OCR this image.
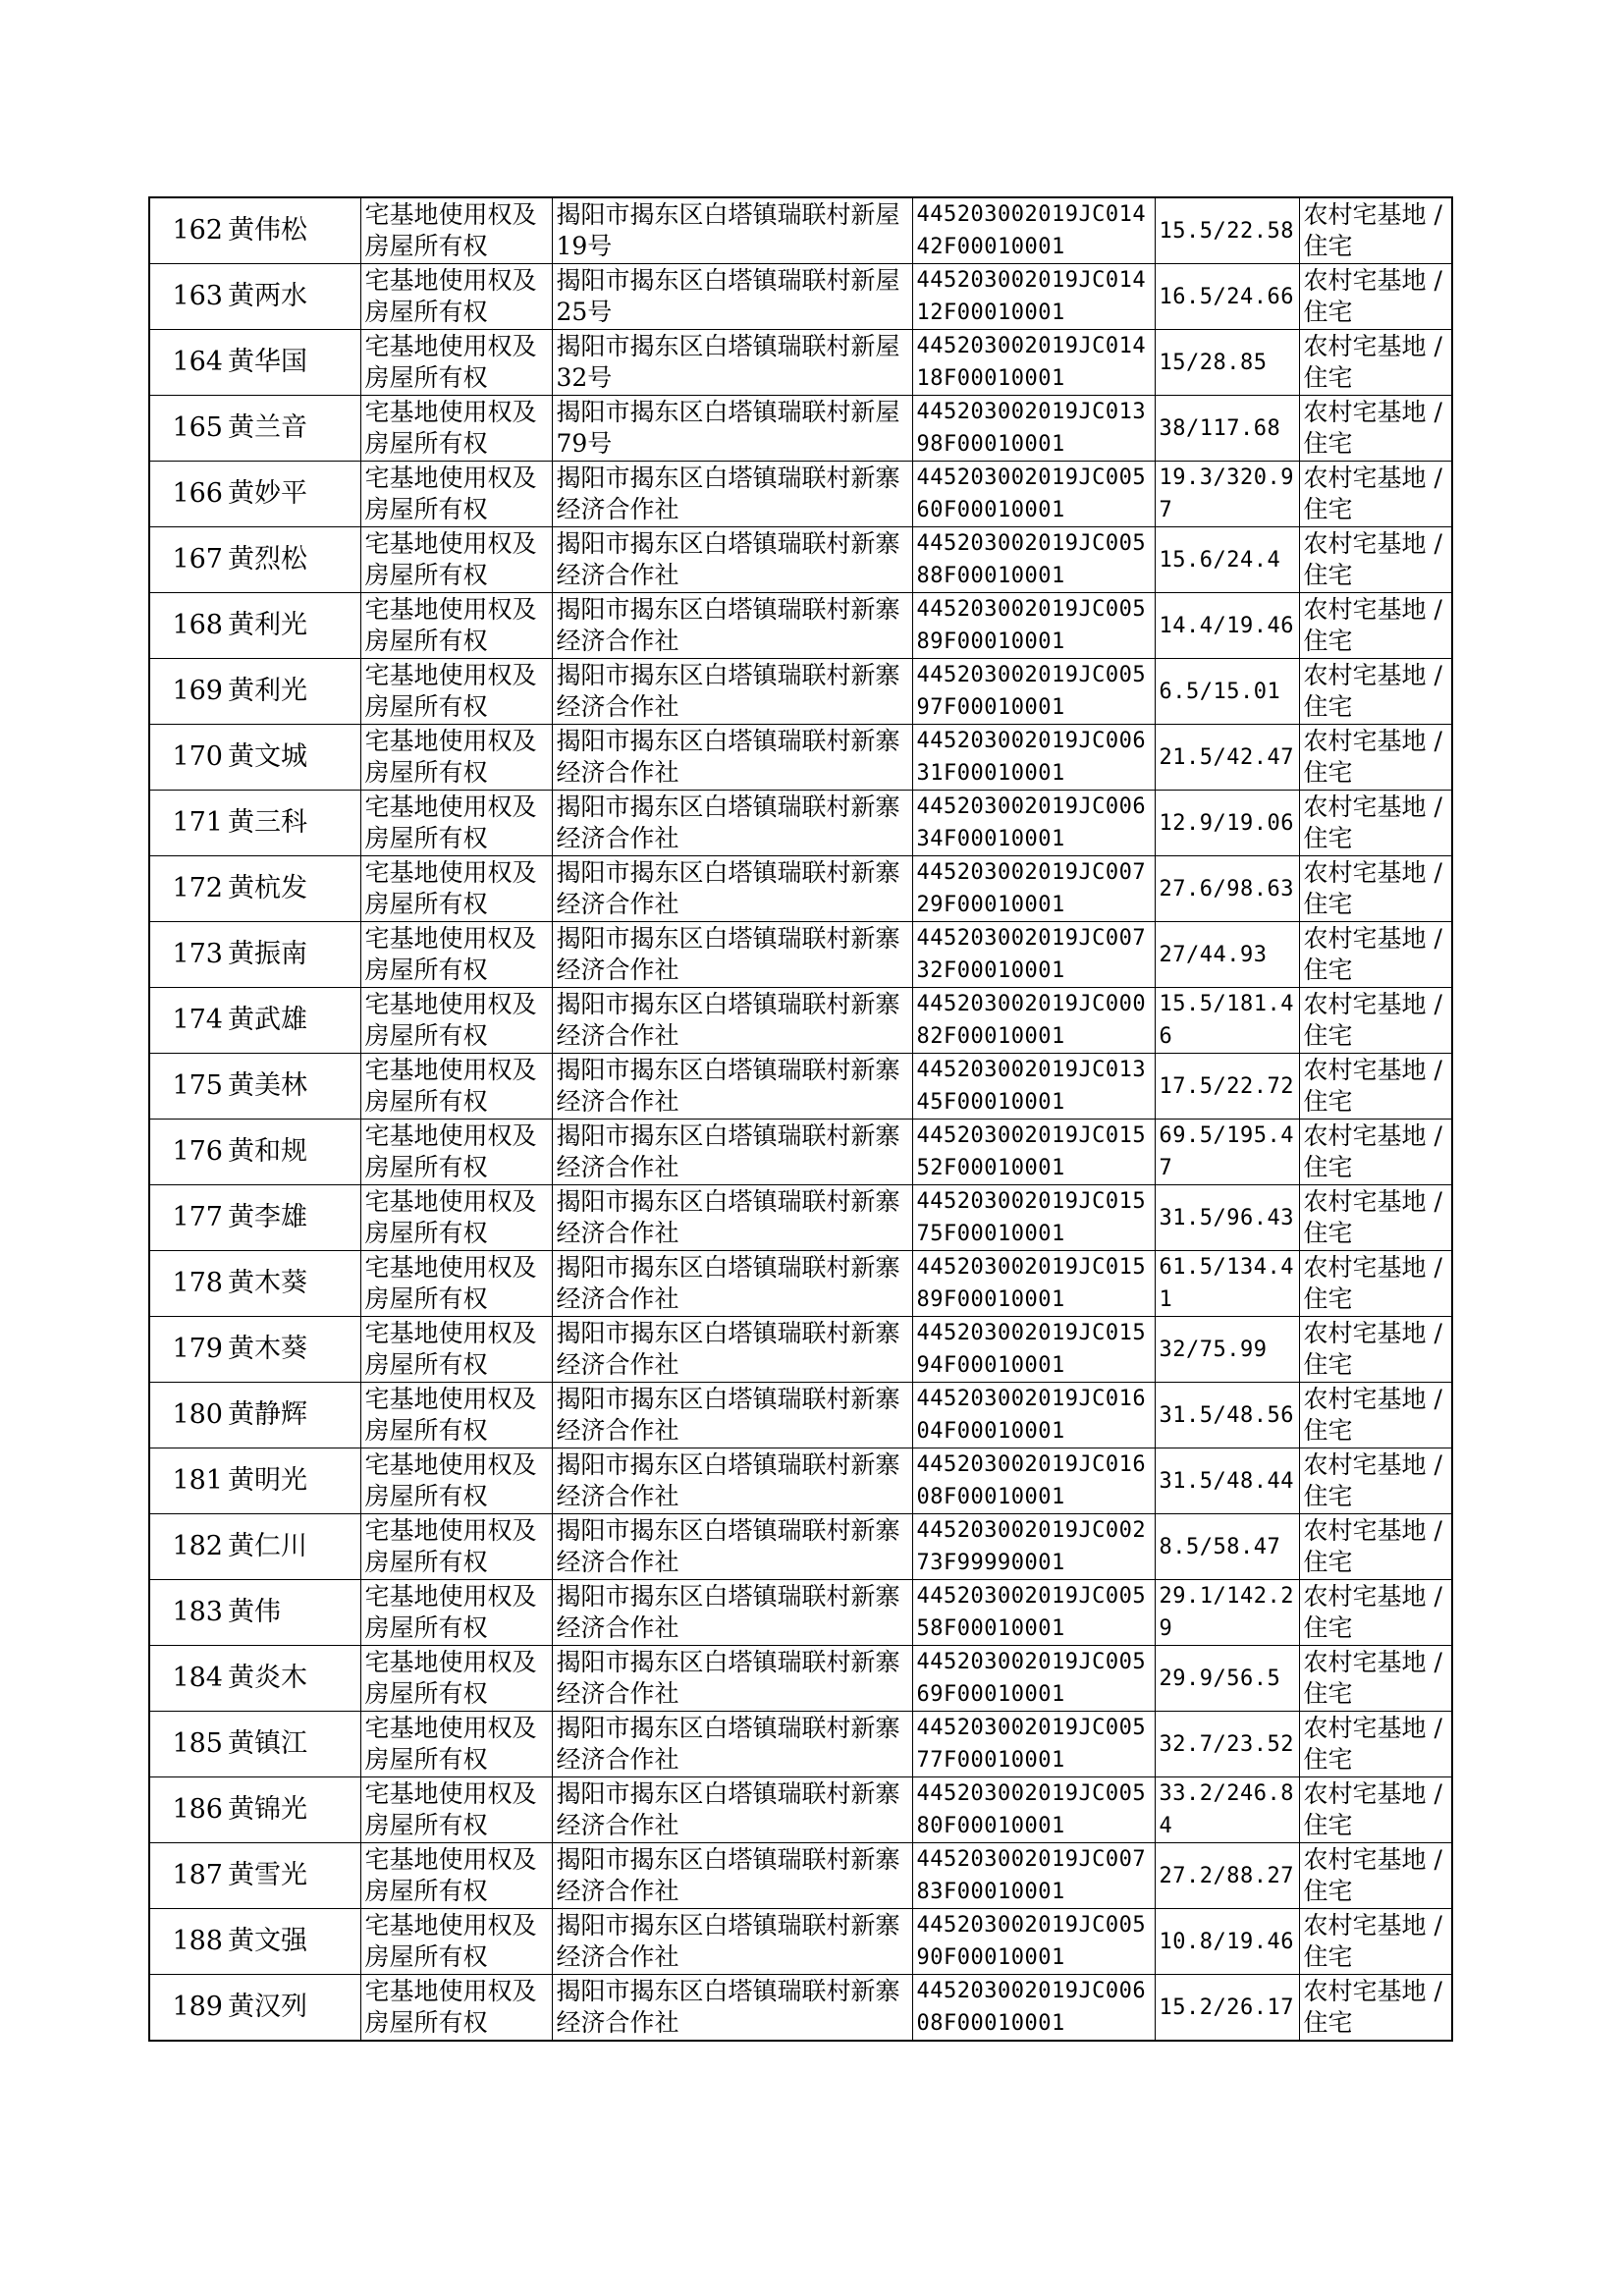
162	黄伟松	宅基地使用权及房屋所有权	揭阳市揭东区白塔镇瑞联村新屋19号	445203002019JC01442F00010001	15.5/22.58	农村宅基地 / 住宅
163	黄两水	宅基地使用权及房屋所有权	揭阳市揭东区白塔镇瑞联村新屋25号	445203002019JC01412F00010001	16.5/24.66	农村宅基地 / 住宅
164	黄华国	宅基地使用权及房屋所有权	揭阳市揭东区白塔镇瑞联村新屋32号	445203002019JC01418F00010001	15/28.85	农村宅基地 / 住宅
165	黄兰音	宅基地使用权及房屋所有权	揭阳市揭东区白塔镇瑞联村新屋79号	445203002019JC01398F00010001	38/117.68	农村宅基地 / 住宅
166	黄妙平	宅基地使用权及房屋所有权	揭阳市揭东区白塔镇瑞联村新寨经济合作社	445203002019JC00560F00010001	19.3/320.97	农村宅基地 / 住宅
167	黄烈松	宅基地使用权及房屋所有权	揭阳市揭东区白塔镇瑞联村新寨经济合作社	445203002019JC00588F00010001	15.6/24.4	农村宅基地 / 住宅
168	黄利光	宅基地使用权及房屋所有权	揭阳市揭东区白塔镇瑞联村新寨经济合作社	445203002019JC00589F00010001	14.4/19.46	农村宅基地 / 住宅
169	黄利光	宅基地使用权及房屋所有权	揭阳市揭东区白塔镇瑞联村新寨经济合作社	445203002019JC00597F00010001	6.5/15.01	农村宅基地 / 住宅
170	黄文城	宅基地使用权及房屋所有权	揭阳市揭东区白塔镇瑞联村新寨经济合作社	445203002019JC00631F00010001	21.5/42.47	农村宅基地 / 住宅
171	黄三科	宅基地使用权及房屋所有权	揭阳市揭东区白塔镇瑞联村新寨经济合作社	445203002019JC00634F00010001	12.9/19.06	农村宅基地 / 住宅
172	黄杭发	宅基地使用权及房屋所有权	揭阳市揭东区白塔镇瑞联村新寨经济合作社	445203002019JC00729F00010001	27.6/98.63	农村宅基地 / 住宅
173	黄振南	宅基地使用权及房屋所有权	揭阳市揭东区白塔镇瑞联村新寨经济合作社	445203002019JC00732F00010001	27/44.93	农村宅基地 / 住宅
174	黄武雄	宅基地使用权及房屋所有权	揭阳市揭东区白塔镇瑞联村新寨经济合作社	445203002019JC00082F00010001	15.5/181.46	农村宅基地 / 住宅
175	黄美林	宅基地使用权及房屋所有权	揭阳市揭东区白塔镇瑞联村新寨经济合作社	445203002019JC01345F00010001	17.5/22.72	农村宅基地 / 住宅
176	黄和规	宅基地使用权及房屋所有权	揭阳市揭东区白塔镇瑞联村新寨经济合作社	445203002019JC01552F00010001	69.5/195.47	农村宅基地 / 住宅
177	黄李雄	宅基地使用权及房屋所有权	揭阳市揭东区白塔镇瑞联村新寨经济合作社	445203002019JC01575F00010001	31.5/96.43	农村宅基地 / 住宅
178	黄木葵	宅基地使用权及房屋所有权	揭阳市揭东区白塔镇瑞联村新寨经济合作社	445203002019JC01589F00010001	61.5/134.41	农村宅基地 / 住宅
179	黄木葵	宅基地使用权及房屋所有权	揭阳市揭东区白塔镇瑞联村新寨经济合作社	445203002019JC01594F00010001	32/75.99	农村宅基地 / 住宅
180	黄静辉	宅基地使用权及房屋所有权	揭阳市揭东区白塔镇瑞联村新寨经济合作社	445203002019JC01604F00010001	31.5/48.56	农村宅基地 / 住宅
181	黄明光	宅基地使用权及房屋所有权	揭阳市揭东区白塔镇瑞联村新寨经济合作社	445203002019JC01608F00010001	31.5/48.44	农村宅基地 / 住宅
182	黄仁川	宅基地使用权及房屋所有权	揭阳市揭东区白塔镇瑞联村新寨经济合作社	445203002019JC00273F99990001	8.5/58.47	农村宅基地 / 住宅
183	黄伟	宅基地使用权及房屋所有权	揭阳市揭东区白塔镇瑞联村新寨经济合作社	445203002019JC00558F00010001	29.1/142.29	农村宅基地 / 住宅
184	黄炎木	宅基地使用权及房屋所有权	揭阳市揭东区白塔镇瑞联村新寨经济合作社	445203002019JC00569F00010001	29.9/56.5	农村宅基地 / 住宅
185	黄镇江	宅基地使用权及房屋所有权	揭阳市揭东区白塔镇瑞联村新寨经济合作社	445203002019JC00577F00010001	32.7/23.52	农村宅基地 / 住宅
186	黄锦光	宅基地使用权及房屋所有权	揭阳市揭东区白塔镇瑞联村新寨经济合作社	445203002019JC00580F00010001	33.2/246.84	农村宅基地 / 住宅
187	黄雪光	宅基地使用权及房屋所有权	揭阳市揭东区白塔镇瑞联村新寨经济合作社	445203002019JC00783F00010001	27.2/88.27	农村宅基地 / 住宅
188	黄文强	宅基地使用权及房屋所有权	揭阳市揭东区白塔镇瑞联村新寨经济合作社	445203002019JC00590F00010001	10.8/19.46	农村宅基地 / 住宅
189	黄汉列	宅基地使用权及房屋所有权	揭阳市揭东区白塔镇瑞联村新寨经济合作社	445203002019JC00608F00010001	15.2/26.17	农村宅基地 / 住宅
